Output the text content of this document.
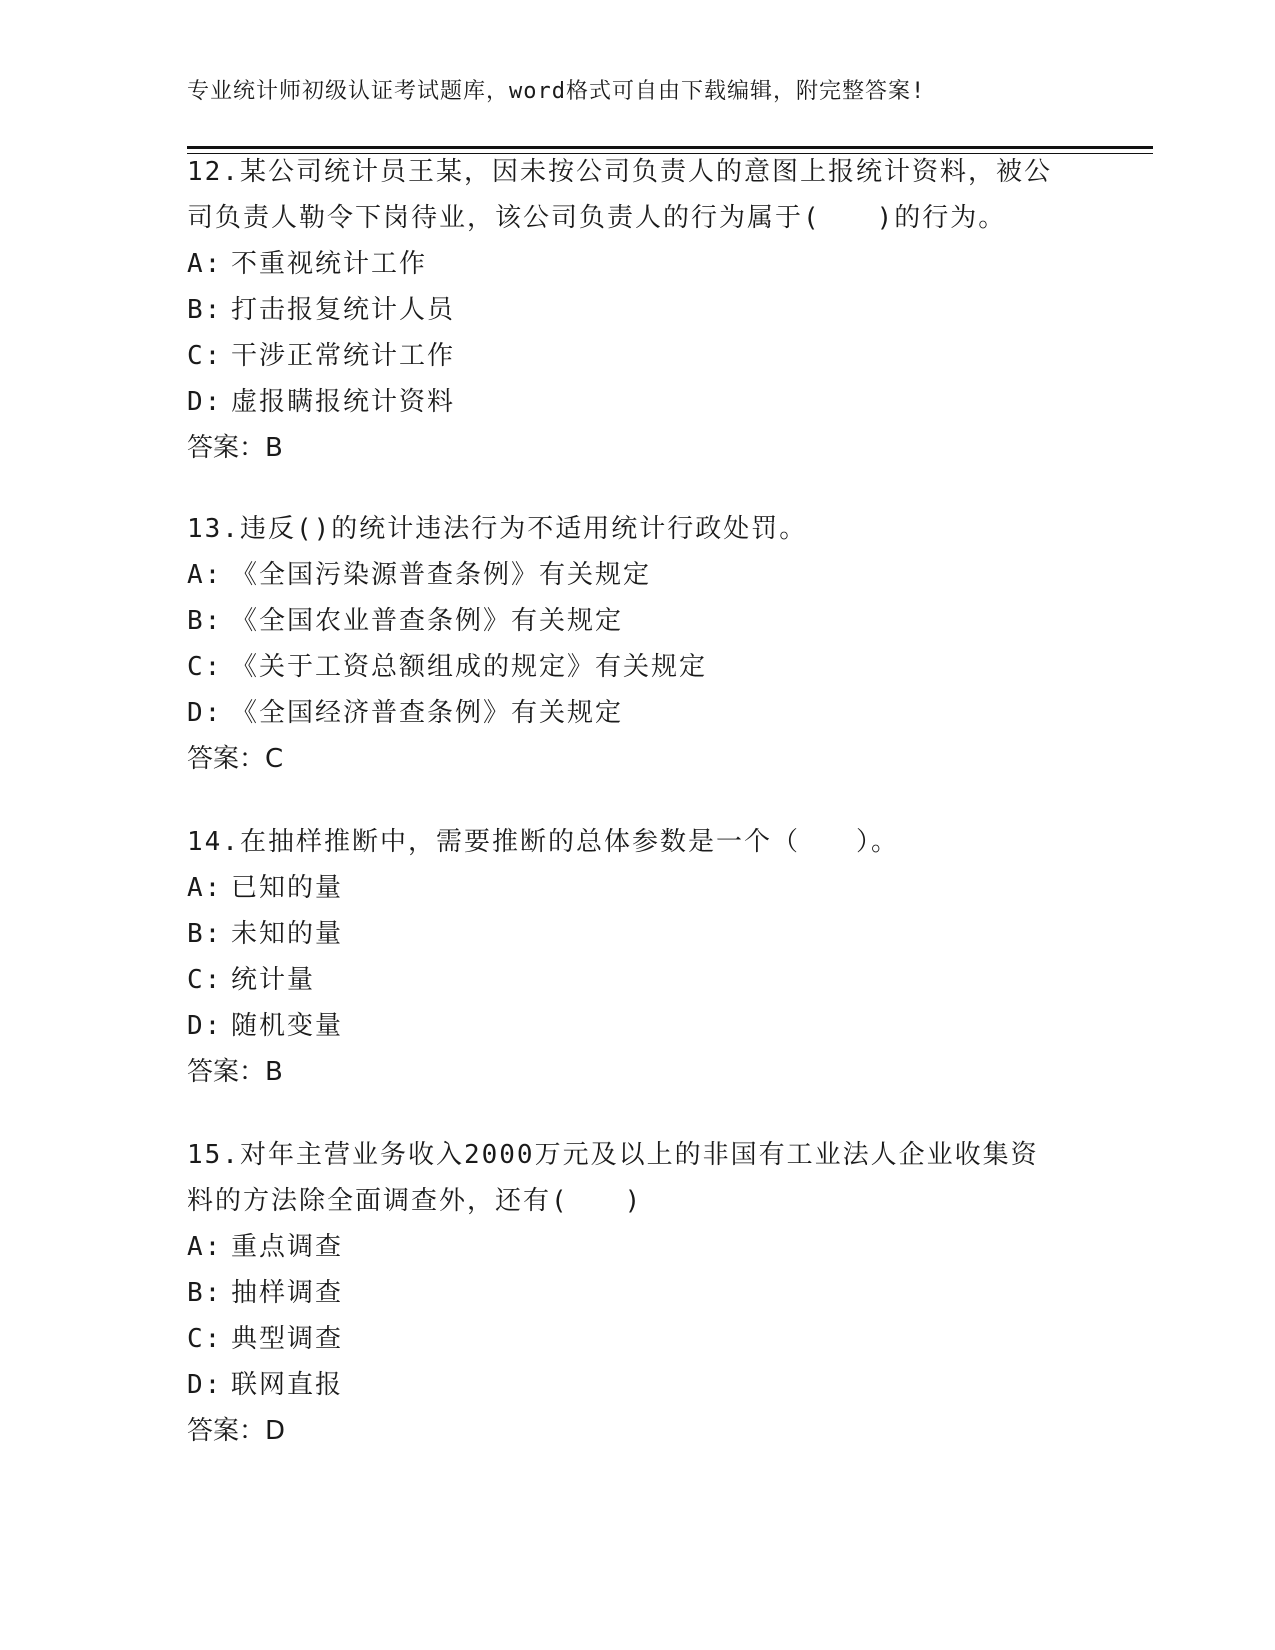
专业统计师初级认证考试题库，word格式可自由下载编辑，附完整答案!
12.某公司统计员王某，因未按公司负责人的意图上报统计资料，被公
司负责人勒令下岗待业，该公司负责人的行为属于(　　)的行为。
A: 不重视统计工作
B: 打击报复统计人员
C: 干涉正常统计工作
D: 虚报瞒报统计资料
答案：B
13.违反()的统计违法行为不适用统计行政处罚。
A: 《全国污染源普查条例》有关规定
B: 《全国农业普查条例》有关规定
C: 《关于工资总额组成的规定》有关规定
D: 《全国经济普查条例》有关规定
答案：C
14.在抽样推断中，需要推断的总体参数是一个（　　）。
A: 已知的量
B: 未知的量
C: 统计量
D: 随机变量
答案：B
15.对年主营业务收入2000万元及以上的非国有工业法人企业收集资
料的方法除全面调查外，还有(　　)
A: 重点调查
B: 抽样调查
C: 典型调查
D: 联网直报
答案：D
